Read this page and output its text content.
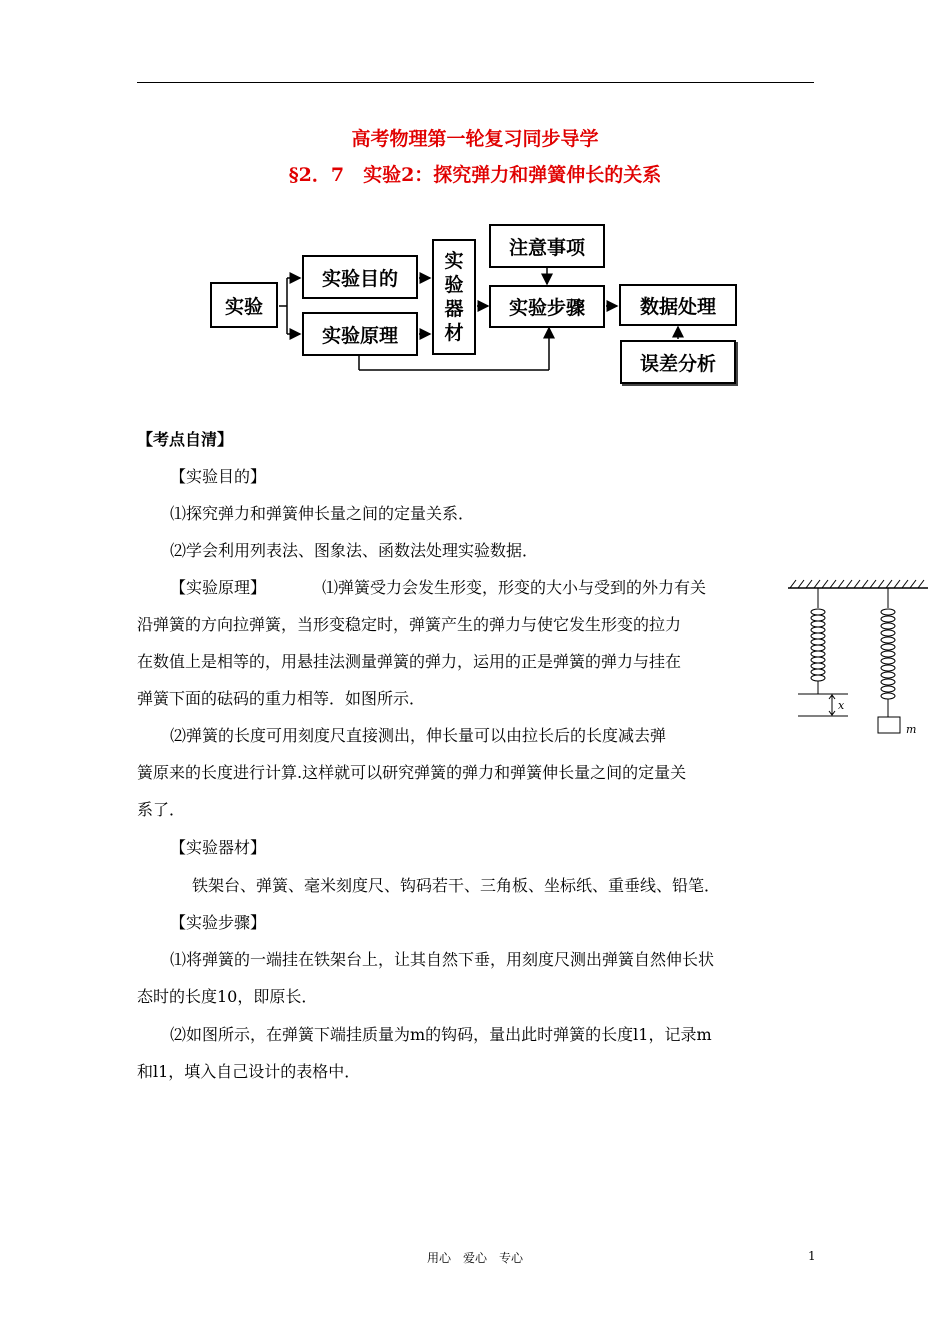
高考物理第一轮复习同步导学
§2．7　实验2：探究弹力和弹簧伸长的关系
实验
实验目的
实验原理
实
验
器
材
注意事项
实验步骤	数据处理
误差分析
【考点自清】
【实验目的】
⑴探究弹力和弹簧伸长量之间的定量关系．
⑵学会利用列表法、图象法、函数法处理实验数据．
【实验原理】	⑴弹簧受力会发生形变，形变的大小与受到的外力有关
沿弹簧的方向拉弹簧，当形变稳定时，弹簧产生的弹力与使它发生形变的拉力
在数值上是相等的，用悬挂法测量弹簧的弹力，运用的正是弹簧的弹力与挂在
弹簧下面的砝码的重力相等．如图所示．
⑵弹簧的长度可用刻度尺直接测出，伸长量可以由拉长后的长度减去弹
簧原来的长度进行计算.这样就可以研究弹簧的弹力和弹簧伸长量之间的定量关
系了．
【实验器材】
铁架台、弹簧、毫米刻度尺、钩码若干、三角板、坐标纸、重垂线、铅笔．
【实验步骤】
⑴将弹簧的一端挂在铁架台上，让其自然下垂，用刻度尺测出弹簧自然伸长状
态时的长度10，即原长．
⑵如图所示，在弹簧下端挂质量为m的钩码，量出此时弹簧的长度l1，记录m
和l1，填入自己设计的表格中．
x
m
用心　爱心　专心	1
